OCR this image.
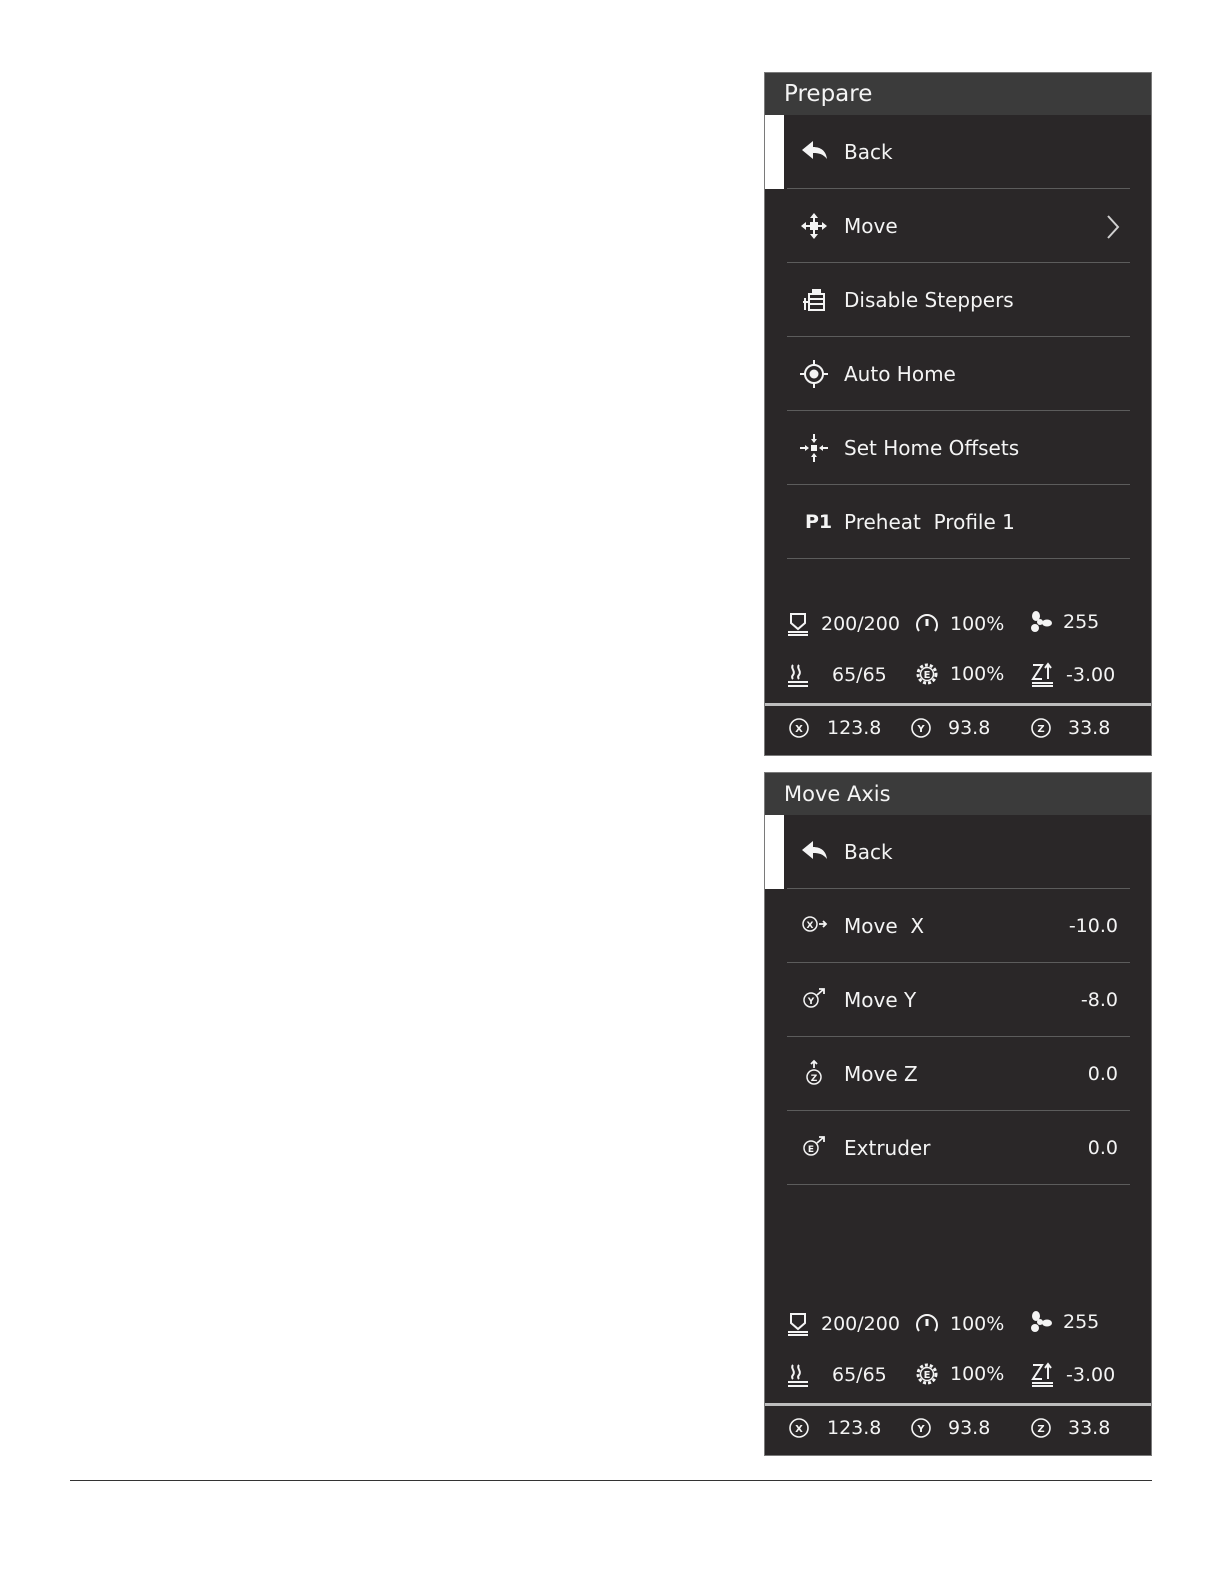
Prepare
Back
Move
Disable Steppers
Auto Home
Set Home Offsets
P1 Preheat  Profile 1
200/200	100%	255
65/65	E 100%	-3.00
X 123.8	Y 93.8	Z 33.8
Move Axis
Back
X Move  X	-10.0
Y Move Y	-8.0
Z Move Z	0.0
E Extruder	0.0
200/200	100%	255
65/65	E 100%	-3.00
X 123.8	Y 93.8	Z 33.8
